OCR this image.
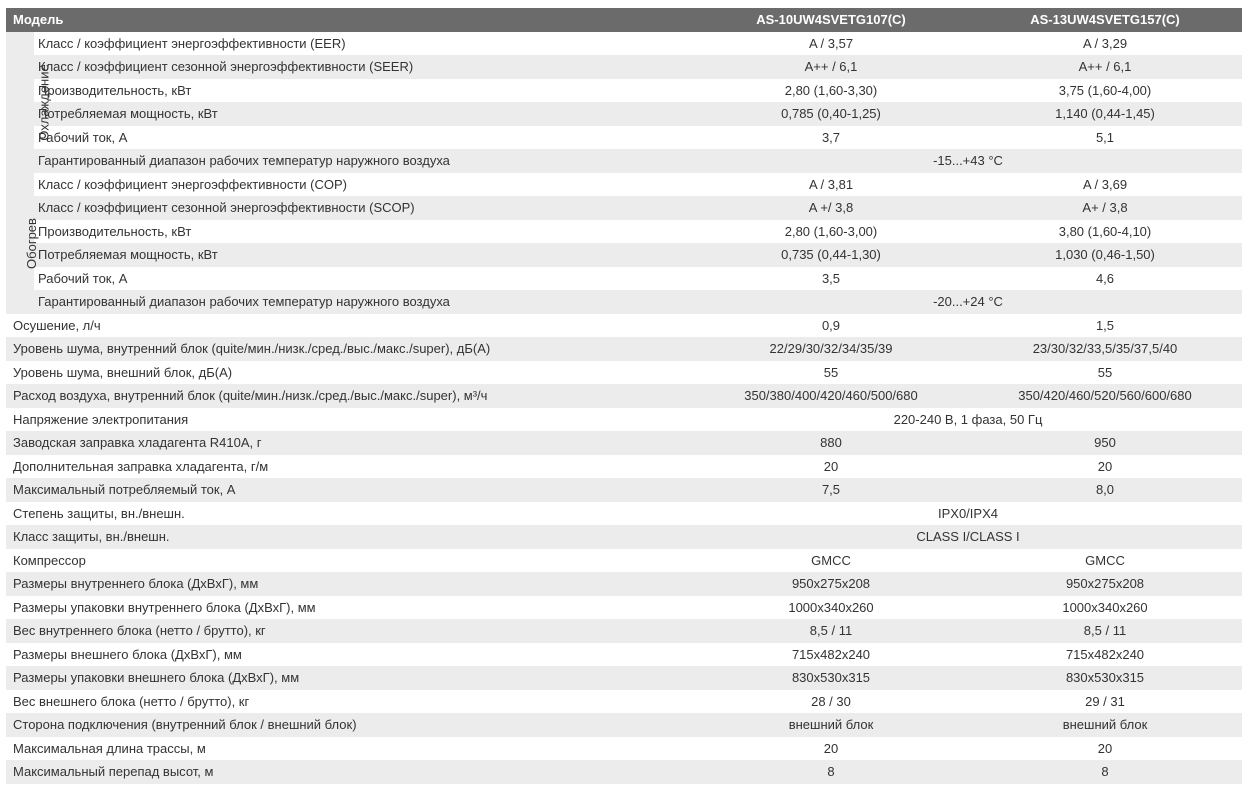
Модель		AS-10UW4SVETG107(C)	AS-13UW4SVETG157(C)
Охлаждение	Класс / коэффициент энергоэффективности (EER)	A / 3,57	A / 3,29
	Класс / коэффициент сезонной энергоэффективности (SEER)	A++ / 6,1	A++ / 6,1
	Производительность, кВт	2,80 (1,60-3,30)	3,75 (1,60-4,00)
	Потребляемая мощность, кВт	0,785 (0,40-1,25)	1,140 (0,44-1,45)
	Рабочий ток, А	3,7	5,1
	Гарантированный диапазон рабочих температур наружного воздуха	-15...+43 °C	
Обогрев	Класс / коэффициент энергоэффективности (COP)	A / 3,81	A / 3,69
	Класс / коэффициент сезонной энергоэффективности (SCOP)	A +/ 3,8	A+ / 3,8
	Производительность, кВт	2,80 (1,60-3,00)	3,80 (1,60-4,10)
	Потребляемая мощность, кВт	0,735 (0,44-1,30)	1,030 (0,46-1,50)
	Рабочий ток, А	3,5	4,6
	Гарантированный диапазон рабочих температур наружного воздуха	-20...+24 °C	
Осушение, л/ч		0,9	1,5
Уровень шума, внутренний блок (quite/мин./низк./сред./выс./макс./super), дБ(А)		22/29/30/32/34/35/39	23/30/32/33,5/35/37,5/40
Уровень шума, внешний блок, дБ(А)		55	55
Расход воздуха, внутренний блок (quite/мин./низк./сред./выс./макс./super), м³/ч		350/380/400/420/460/500/680	350/420/460/520/560/600/680
Напряжение электропитания		220-240 В, 1 фаза, 50 Гц	
Заводская заправка хладагента R410A, г		880	950
Дополнительная заправка хладагента, г/м		20	20
Максимальный потребляемый ток, А		7,5	8,0
Степень защиты, вн./внешн.		IPX0/IPX4	
Класс защиты, вн./внешн.		CLASS I/CLASS I	
Компрессор		GMCC	GMCC
Размеры внутреннего блока (ДхВхГ), мм		950x275x208	950x275x208
Размеры упаковки внутреннего блока (ДхВхГ), мм		1000x340x260	1000x340x260
Вес внутреннего блока (нетто / брутто), кг		8,5 / 11	8,5 / 11
Размеры внешнего блока (ДхВхГ), мм		715x482x240	715x482x240
Размеры упаковки внешнего блока (ДхВхГ), мм		830x530x315	830x530x315
Вес внешнего блока (нетто / брутто), кг		28 / 30	29 / 31
Сторона подключения (внутренний блок / внешний блок)		внешний блок	внешний блок
Максимальная длина трассы, м		20	20
Максимальный перепад высот, м		8	8
